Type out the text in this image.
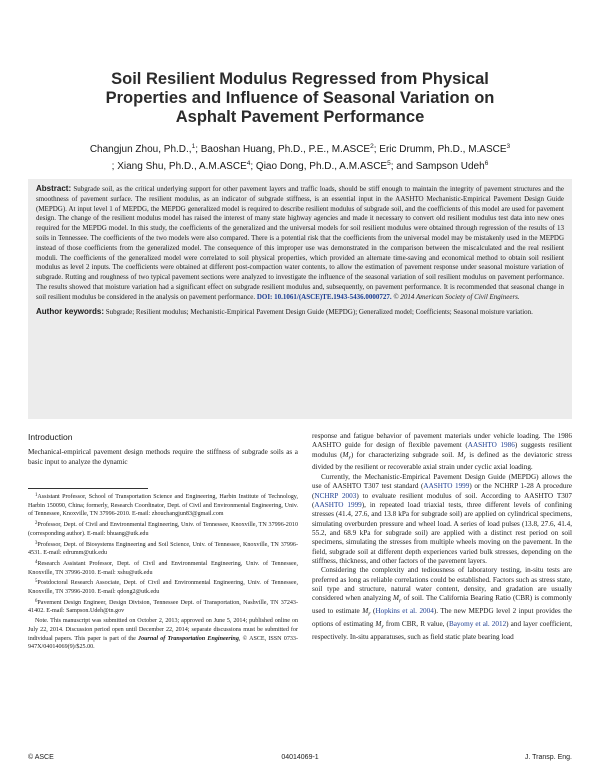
Soil Resilient Modulus Regressed from Physical
Properties and Influence of Seasonal Variation on
Asphalt Pavement Performance

Changjun Zhou, Ph.D.,$^1$; Baoshan Huang, Ph.D., P.E., M.ASCE$^2$; Eric Drumm, Ph.D., M.ASCE$^3$
; Xiang Shu, Ph.D., A.M.ASCE$^4$; Qiao Dong, Ph.D., A.M.ASCE$^5$; and Sampson Udeh$^6$

Abstract: Subgrade soil, as the critical underlying support for other pavement layers and traffic loads, should be stiff enough to maintain the integrity of pavement structures and the smoothness of pavement surface. The resilient modulus, as an indicator of subgrade stiffness, is an essential input in the AASHTO Mechanistic-Empirical Pavement Design Guide (MEPDG). At input level 1 of MEPDG, the MEPDG generalized model is required to describe resilient modulus of subgrade soil, and the coefficients of this model are used for pavement design. The change of the resilient modulus model has raised the interest of many state highway agencies and made it necessary to convert old resilient modulus test data into new ones required for the MEPDG model. In this study, the coefficients of the generalized and the universal models for soil resilient modulus were obtained through regression of the results of 13 soils in Tennessee. The coefficients of the two models were also compared. There is a potential risk that the coefficients from the universal model may be mistakenly used in the MEPDG instead of those coefficients from the generalized model. The consequence of this improper use was demonstrated in the comparison between the miscalculated and the real resilient moduli. The coefficients of the generalized model were correlated to soil physical properties, which provided an alternate time-saving and economical method to obtain soil resilient modulus as level 2 inputs. The coefficients were obtained at different post-compaction water contents, to allow the estimation of pavement response under seasonal moisture variation of subgrade. Rutting and roughness of two typical pavement sections were analyzed to investigate the influence of the seasonal variation of soil resilient modulus on pavement performance. The results showed that moisture variation had a significant effect on subgrade resilient modulus and, subsequently, on pavement performance. It is recommended that seasonal change in soil resilient modulus be considered in the analysis on pavement performance. DOI: 10.1061/(ASCE)TE.1943-5436.0000727. © 2014 American Society of Civil Engineers.

Author keywords: Subgrade; Resilient modulus; Mechanistic-Empirical Pavement Design Guide (MEPDG); Generalized model; Coefficients; Seasonal moisture variation.

Introduction

Mechanical-empirical pavement design methods require the stiffness of subgrade soils as a basic input to analyze the dynamic

$^1$Assistant Professor, School of Transportation Science and Engineering, Harbin Institute of Technology, Harbin 150090, China; formerly, Research Coordinator, Dept. of Civil and Environmental Engineering, Univ. of Tennessee, Knoxville, TN 37996-2010. E-mail: zhouchangjun83@gmail.com

$^2$Professor, Dept. of Civil and Environmental Engineering, Univ. of Tennessee, Knoxville, TN 37996-2010 (corresponding author). E-mail: bhuang@utk.edu

$^3$Professor, Dept. of Biosystems Engineering and Soil Science, Univ. of Tennessee, Knoxville, TN 37996-4531. E-mail: edrumm@utk.edu

$^4$Research Assistant Professor, Dept. of Civil and Environmental Engineering, Univ. of Tennessee, Knoxville, TN 37996-2010. E-mail: xshu@utk.edu

$^5$Postdoctoral Research Associate, Dept. of Civil and Environmental Engineering, Univ. of Tennessee, Knoxville, TN 37996-2010. E-mail: qdong2@utk.edu

$^6$Pavement Design Engineer, Design Division, Tennessee Dept. of Transportation, Nashville, TN 37243-41402. E-mail: Sampson.Udeh@tn.gov

Note. This manuscript was submitted on October 2, 2013; approved on June 5, 2014; published online on July 22, 2014. Discussion period open until December 22, 2014; separate discussions must be submitted for individual papers. This paper is part of the Journal of Transportation Engineering, © ASCE, ISSN 0733-947X/04014069(9)/$25.00.

response and fatigue behavior of pavement materials under vehicle loading. The 1986 AASHTO guide for design of flexible pavement (AASHTO 1986) suggests resilient modulus $(M_r)$ for characterizing subgrade soil. $M_r$ is defined as the deviatoric stress divided by the resilient or recoverable axial strain under cyclic axial loading.

Currently, the Mechanistic-Empirical Pavement Design Guide (MEPDG) allows the use of AASHTO T307 test standard (AASHTO 1999) or the NCHRP 1-28 A procedure (NCHRP 2003) to evaluate resilient modulus of soil. According to AASHTO T307 (AASHTO 1999), in repeated load triaxial tests, three different levels of confining stresses (41.4, 27.6, and 13.8 kPa for subgrade soil) are applied on cylindrical specimens, simulating overburden pressure and wheel load. A series of load pulses (13.8, 27.6, 41.4, 55.2, and 68.9 kPa for subgrade soil) are applied with a distinct rest period on soil specimens, simulating the stresses from multiple wheels moving on the pavement. In the field, subgrade soil at different depth experiences varied bulk stresses, depending on the stiffness, thickness, and other factors of the pavement layers.

Considering the complexity and tediousness of laboratory testing, in-situ tests are preferred as long as reliable correlations could be established. Factors such as stress state, soil type and structure, natural water content, density, and gradation are usually considered when analyzing $M_r$ of soil. The California Bearing Ratio (CBR) is commonly used to estimate $M_r$ (Hopkins et al. 2004). The new MEPDG level 2 input provides the options of estimating $M_r$ from CBR, R value, (Bayomy et al. 2012) and layer coefficient, respectively. In-situ apparatuses, such as field static plate bearing load

© ASCE	04014069-1	J. Transp. Eng.
